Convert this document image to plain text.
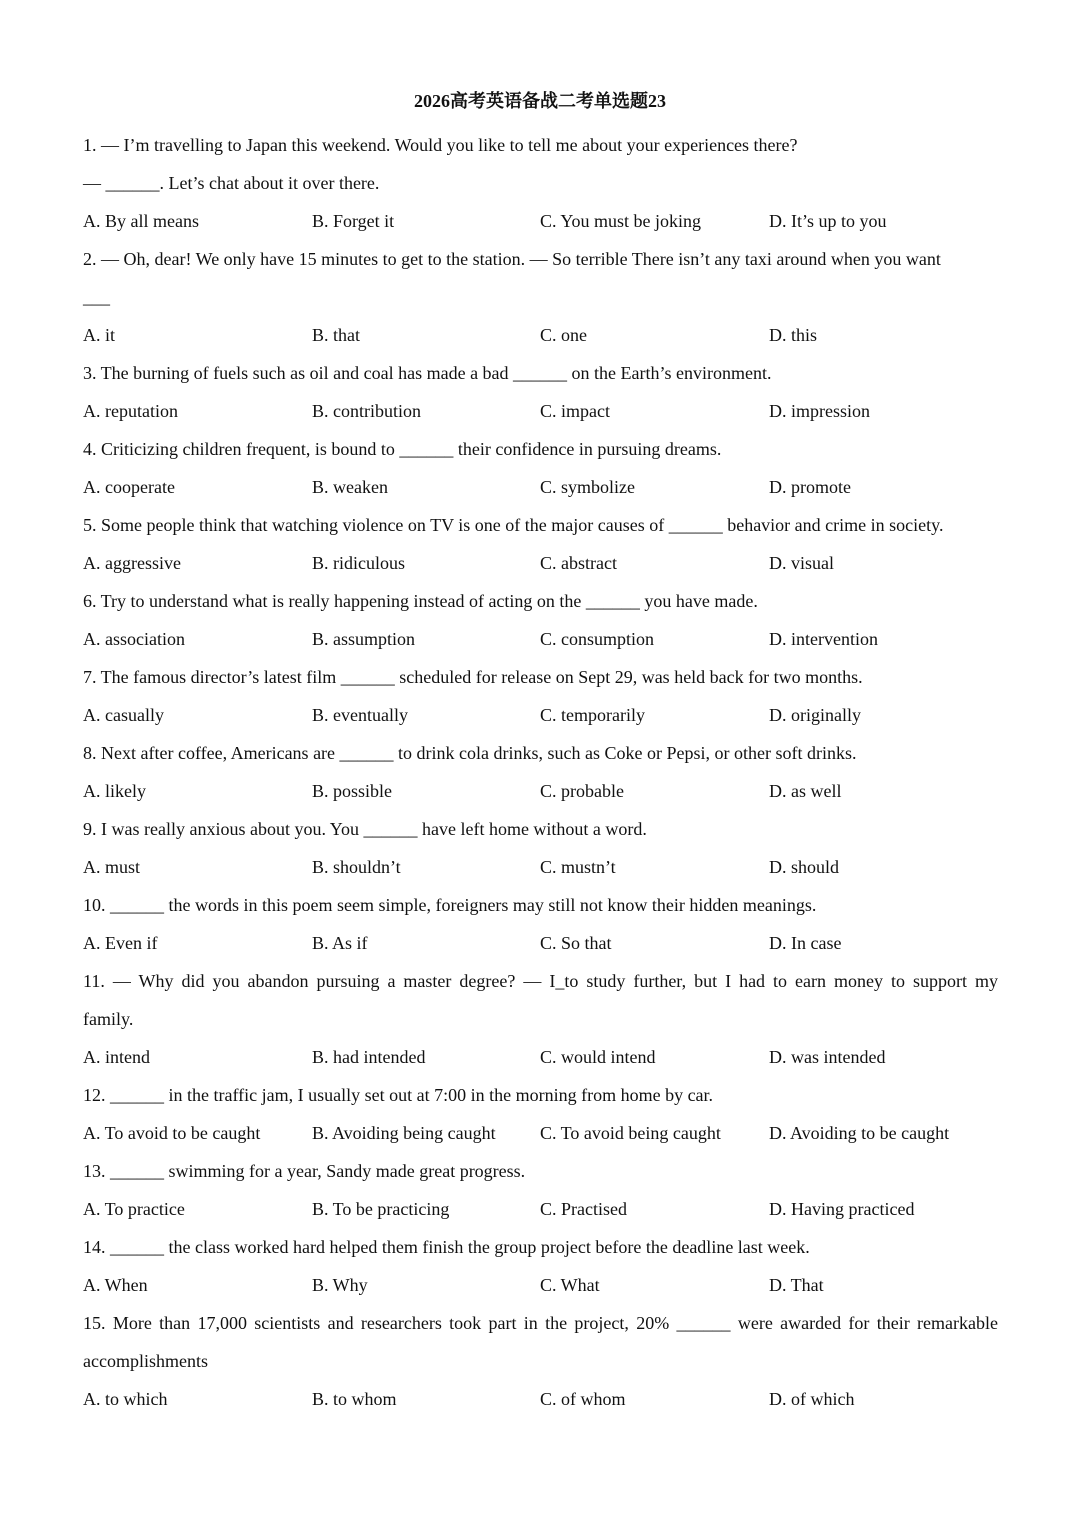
2026高考英语备战二考单选题23
1. — I’m travelling to Japan this weekend. Would you like to tell me about your experiences there?
— ______. Let’s chat about it over there.
A. By all means	B. Forget it	C. You must be joking	D. It’s up to you
2. — Oh, dear! We only have 15 minutes to get to the station. — So terrible There isn’t any taxi around when you want
___
A. it	B. that	C. one	D. this
3. The burning of fuels such as oil and coal has made a bad ______ on the Earth’s environment.
A. reputation	B. contribution	C. impact	D. impression
4. Criticizing children frequent, is bound to ______ their confidence in pursuing dreams.
A. cooperate	B. weaken	C. symbolize	D. promote
5. Some people think that watching violence on TV is one of the major causes of ______ behavior and crime in society.
A. aggressive	B. ridiculous	C. abstract	D. visual
6. Try to understand what is really happening instead of acting on the ______ you have made.
A. association	B. assumption	C. consumption	D. intervention
7. The famous director’s latest film ______ scheduled for release on Sept 29, was held back for two months.
A. casually	B. eventually	C. temporarily	D. originally
8. Next after coffee, Americans are ______ to drink cola drinks, such as Coke or Pepsi, or other soft drinks.
A. likely	B. possible	C. probable	D. as well
9. I was really anxious about you. You ______ have left home without a word.
A. must	B. shouldn’t	C. mustn’t	D. should
10. ______ the words in this poem seem simple, foreigners may still not know their hidden meanings.
A. Even if	B. As if	C. So that	D. In case
11. — Why did you abandon pursuing a master degree? — I_to study further, but I had to earn money to support my
family.
A. intend	B. had intended	C. would intend	D. was intended
12. ______ in the traffic jam, I usually set out at 7:00 in the morning from home by car.
A. To avoid to be caught	B. Avoiding being caught C. To avoid being caught	D. Avoiding to be caught
13. ______ swimming for a year, Sandy made great progress.
A. To practice	B. To be practicing	C. Practised	D. Having practiced
14. ______ the class worked hard helped them finish the group project before the deadline last week.
A. When	B. Why	C. What	D. That
15. More than 17,000 scientists and researchers took part in the project, 20% ______ were awarded for their remarkable
accomplishments
A. to which	B. to whom	C. of whom	D. of which
